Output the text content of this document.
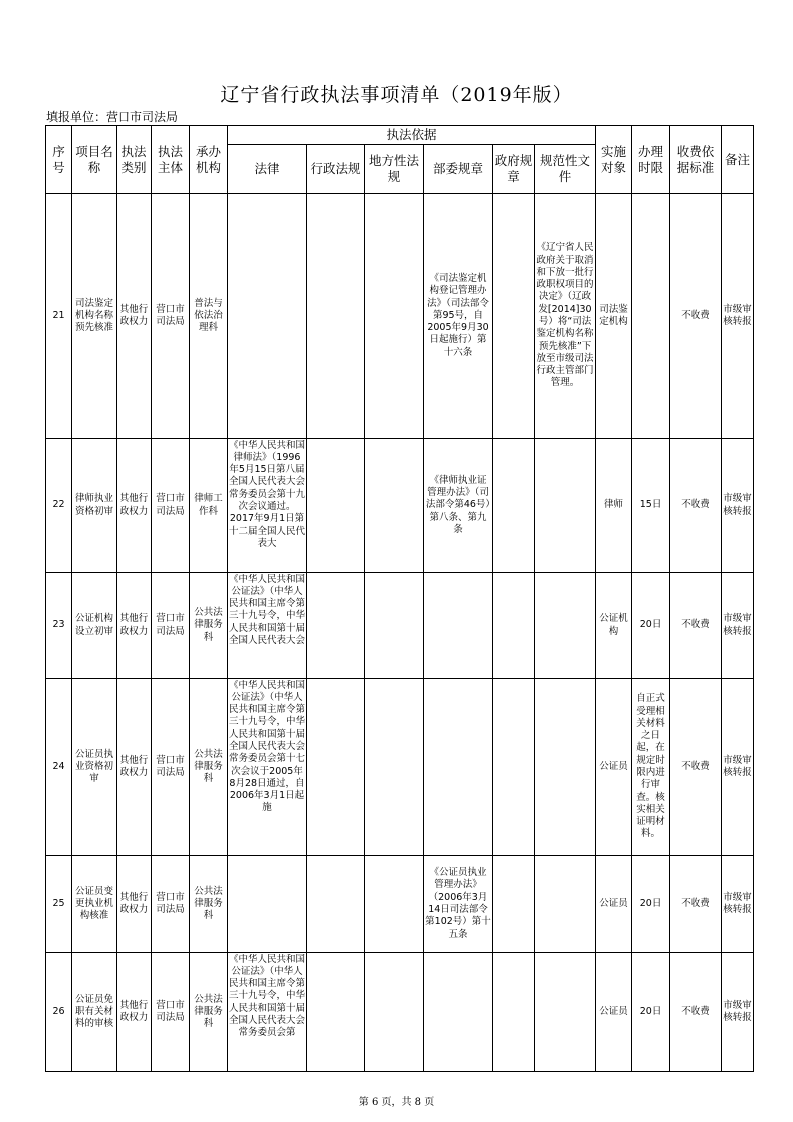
辽宁省行政执法事项清单（2019年版）
填报单位：营口市司法局
序号	项目名称	执法类别	执法主体	承办机构	执法依据						实施对象	办理时限	收费依据标准	备注
					法律	行政法规	地方性法规	部委规章	政府规章	规范性文件				
21	司法鉴定机构名称预先核准	其他行政权力	营口市司法局	普法与依法治理科				《司法鉴定机构登记管理办法》（司法部令第95号，自2005年9月30日起施行）第十六条		《辽宁省人民政府关于取消和下放一批行政职权项目的决定》（辽政发[2014]30号）将“司法鉴定机构名称预先核准”下放至市级司法行政主管部门管理。	司法鉴定机构		不收费	市级审核转报
22	律师执业资格初审	其他行政权力	营口市司法局	律师工作科	《中华人民共和国律师法》（1996年5月15日第八届全国人民代表大会常务委员会第十九次会议通过。2017年9月1日第十二届全国人民代表大			《律师执业证管理办法》（司法部令第46号）第八条、第九条			律师	15日	不收费	市级审核转报
23	公证机构设立初审	其他行政权力	营口市司法局	公共法律服务科	《中华人民共和国公证法》（中华人民共和国主席令第三十九号令，中华人民共和国第十届全国人民代表大会						公证机构	20日	不收费	市级审核转报
24	公证员执业资格初审	其他行政权力	营口市司法局	公共法律服务科	《中华人民共和国公证法》（中华人民共和国主席令第三十九号令，中华人民共和国第十届全国人民代表大会常务委员会第十七次会议于2005年8月28日通过，自2006年3月1日起施						公证员	自正式受理相关材料之日起，在规定时限内进行审查。核实相关证明材料。	不收费	市级审核转报
25	公证员变更执业机构核准	其他行政权力	营口市司法局	公共法律服务科				《公证员执业管理办法》（2006年3月14日司法部令第102号）第十五条			公证员	20日	不收费	市级审核转报
26	公证员免职有关材料的审核	其他行政权力	营口市司法局	公共法律服务科	《中华人民共和国公证法》（中华人民共和国主席令第三十九号令，中华人民共和国第十届全国人民代表大会常务委员会第						公证员	20日	不收费	市级审核转报
第 6 页，共 8 页
